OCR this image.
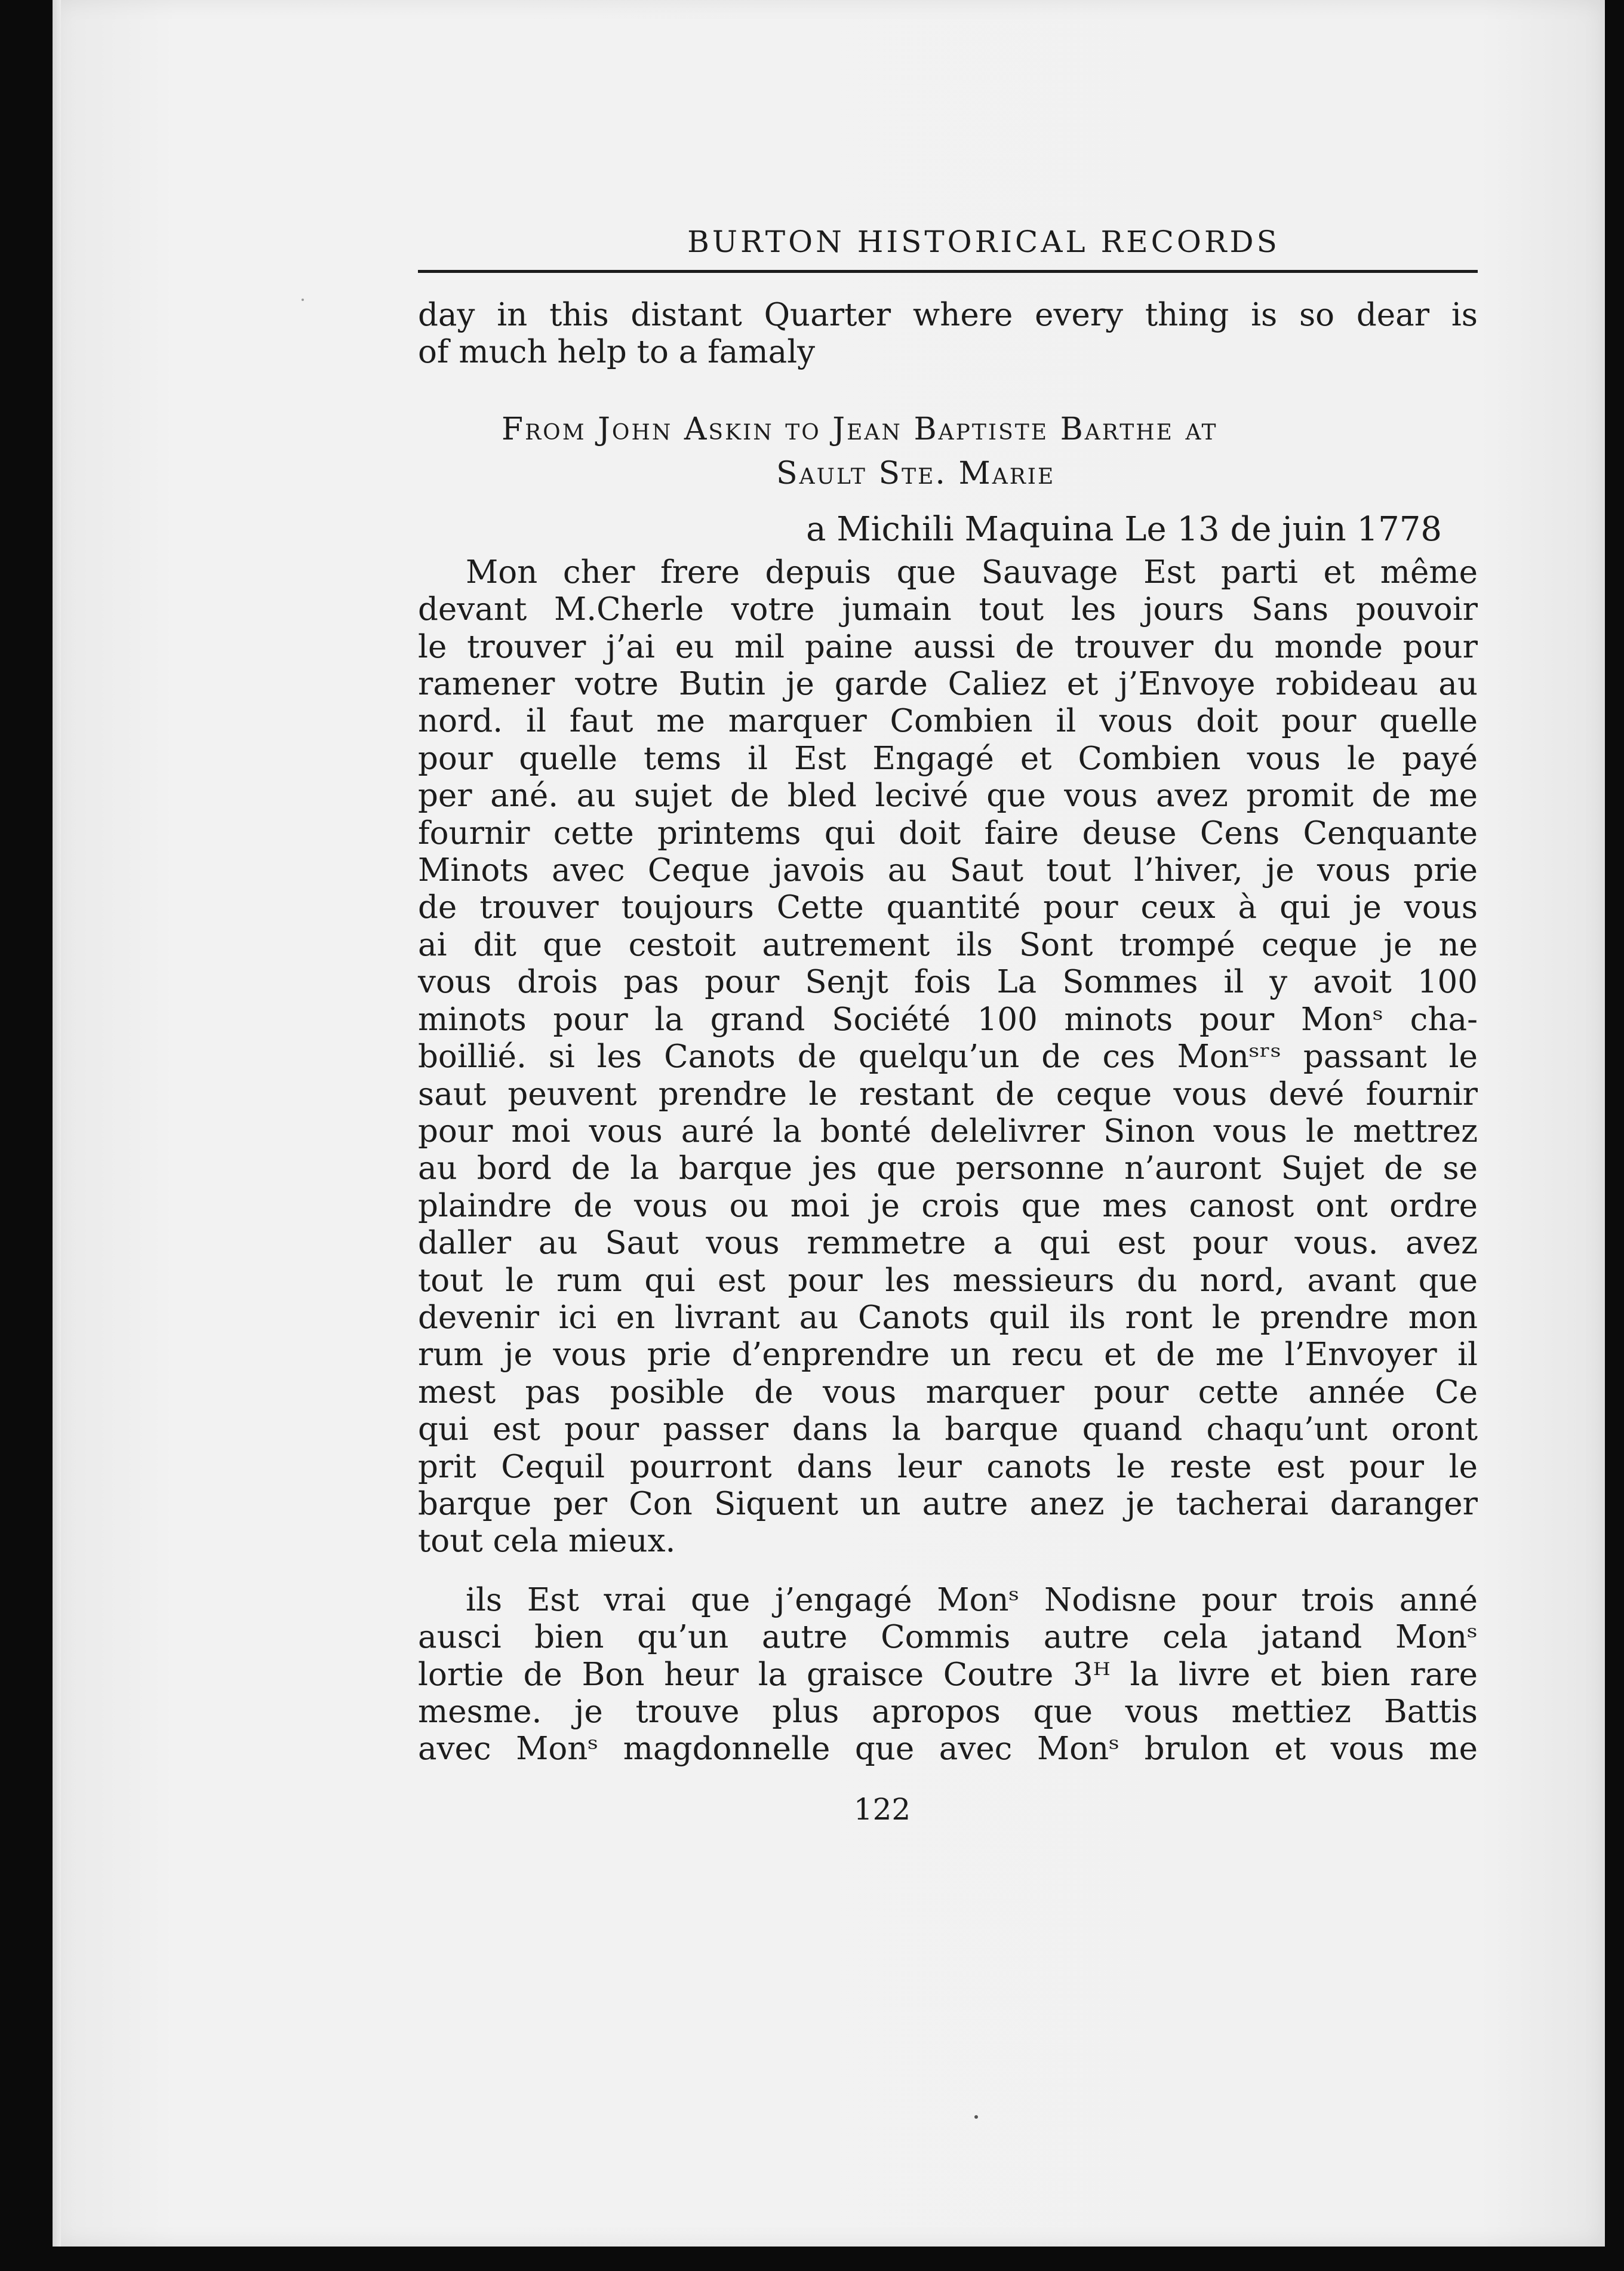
BURTON HISTORICAL RECORDS
day in this distant Quarter where every thing is so dear is
of much help to a famaly
From John Askin to Jean Baptiste Barthe at
Sault Ste. Marie
a Michili Maquina Le 13 de juin 1778
Mon cher frere depuis que Sauvage Est parti et même
devant M.Cherle votre jumain tout les jours Sans pouvoir
le trouver j’ai eu mil paine aussi de trouver du monde pour
ramener votre Butin je garde Caliez et j’Envoye robideau au
nord. il faut me marquer Combien il vous doit pour quelle
pour quelle tems il Est Engagé et Combien vous le payé
per ané. au sujet de bled lecivé que vous avez promit de me
fournir cette printems qui doit faire deuse Cens Cenquante
Minots avec Ceque javois au Saut tout l’hiver, je vous prie
de trouver toujours Cette quantité pour ceux à qui je vous
ai dit que cestoit autrement ils Sont trompé ceque je ne
vous drois pas pour Senjt fois La Sommes il y avoit 100
minots pour la grand Société 100 minots pour Monˢ cha-
boillié. si les Canots de quelqu’un de ces Monˢʳˢ passant le
saut peuvent prendre le restant de ceque vous devé fournir
pour moi vous auré la bonté delelivrer Sinon vous le mettrez
au bord de la barque jes que personne n’auront Sujet de se
plaindre de vous ou moi je crois que mes canost ont ordre
daller au Saut vous remmetre a qui est pour vous. avez
tout le rum qui est pour les messieurs du nord, avant que
devenir ici en livrant au Canots quil ils ront le prendre mon
rum je vous prie d’enprendre un recu et de me l’Envoyer il
mest pas posible de vous marquer pour cette année Ce
qui est pour passer dans la barque quand chaqu’unt oront
prit Cequil pourront dans leur canots le reste est pour le
barque per Con Siquent un autre anez je tacherai daranger
tout cela mieux.
ils Est vrai que j’engagé Monˢ Nodisne pour trois anné
ausci bien qu’un autre Commis autre cela jatand Monˢ
lortie de Bon heur la graisce Coutre 3ᴴ la livre et bien rare
mesme. je trouve plus apropos que vous mettiez Battis
avec Monˢ magdonnelle que avec Monˢ brulon et vous me
122
